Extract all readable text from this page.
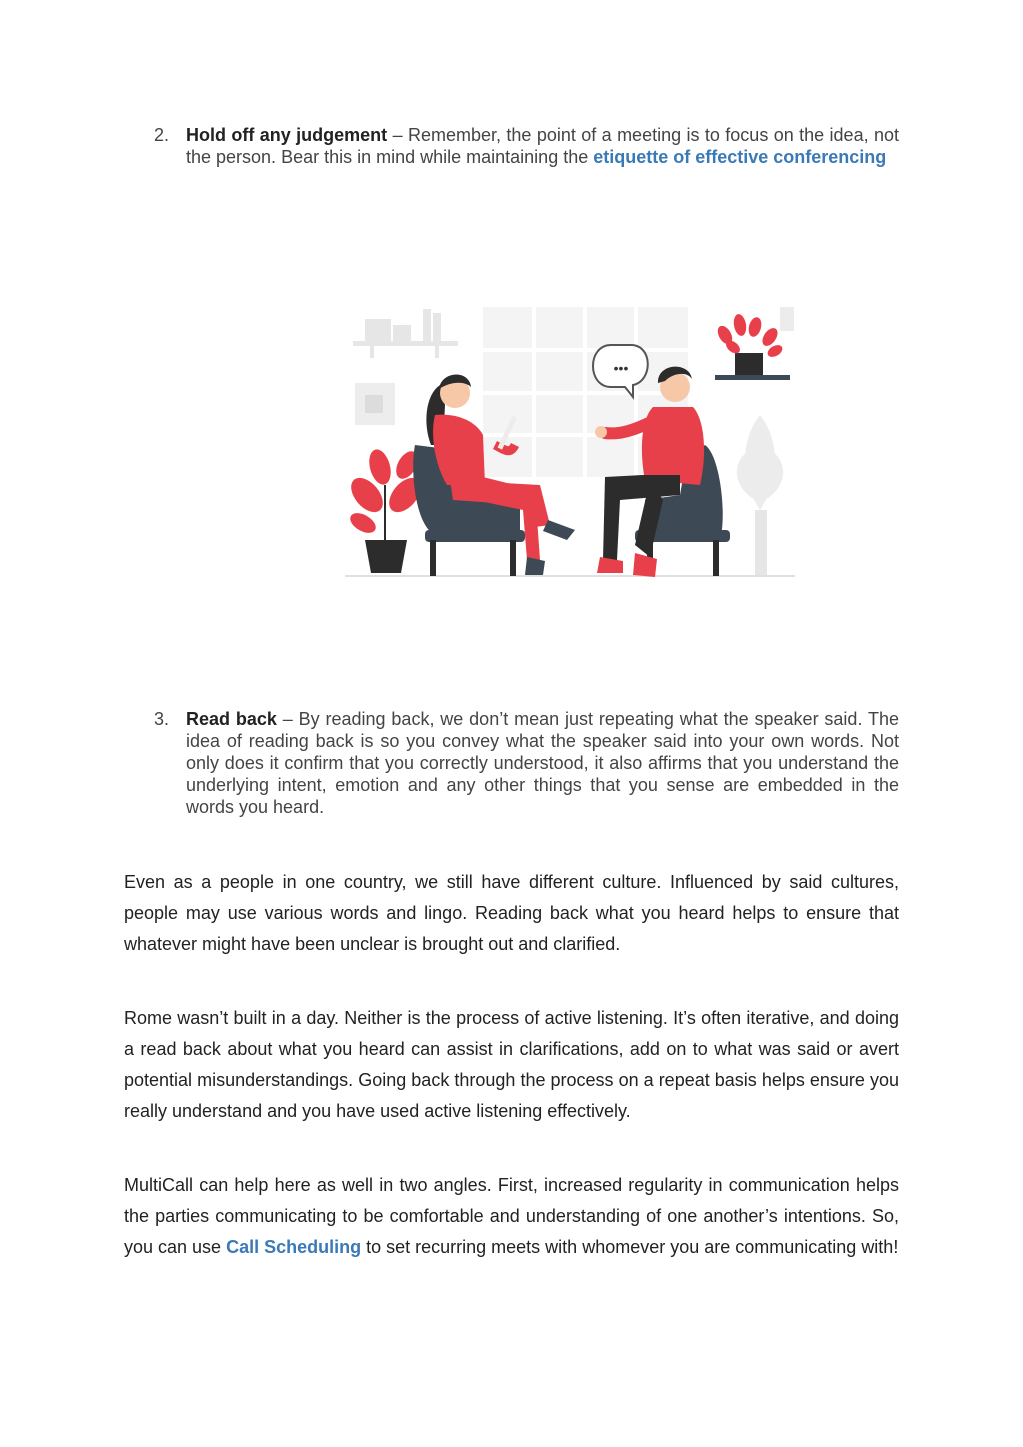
2. Hold off any judgement – Remember, the point of a meeting is to focus on the idea, not the person. Bear this in mind while maintaining the etiquette of effective conferencing
•••
3. Read back – By reading back, we don’t mean just repeating what the speaker said. The idea of reading back is so you convey what the speaker said into your own words. Not only does it confirm that you correctly understood, it also affirms that you understand the underlying intent, emotion and any other things that you sense are embedded in the words you heard.

Even as a people in one country, we still have different culture. Influenced by said cultures, people may use various words and lingo. Reading back what you heard helps to ensure that whatever might have been unclear is brought out and clarified.

Rome wasn’t built in a day. Neither is the process of active listening. It’s often iterative, and doing a read back about what you heard can assist in clarifications, add on to what was said or avert potential misunderstandings. Going back through the process on a repeat basis helps ensure you really understand and you have used active listening effectively.

MultiCall can help here as well in two angles. First, increased regularity in communication helps the parties communicating to be comfortable and understanding of one another’s intentions. So, you can use Call Scheduling to set recurring meets with whomever you are communicating with!
